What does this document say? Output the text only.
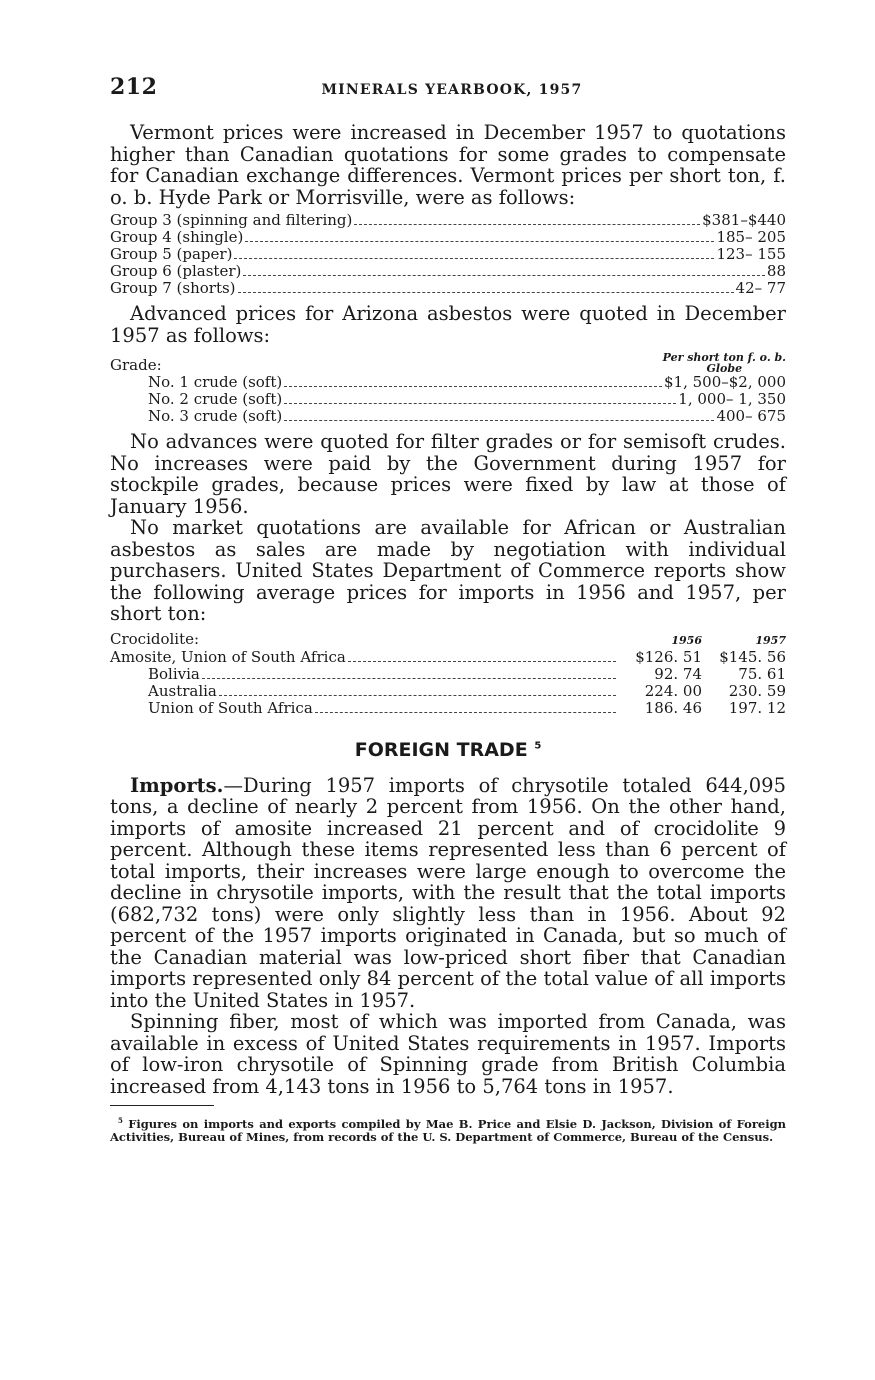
212	MINERALS YEARBOOK, 1957

Vermont prices were increased in December 1957 to quotations higher than Canadian quotations for some grades to compensate for Canadian exchange differences. Vermont prices per short ton, f. o. b. Hyde Park or Morrisville, were as follows:

Group 3 (spinning and filtering)	$381–$440
Group 4 (shingle)	185– 205
Group 5 (paper)	123– 155
Group 6 (plaster)	88
Group 7 (shorts)	42– 77

Advanced prices for Arizona asbestos were quoted in December 1957 as follows:

Grade:	Per short ton f. o. b.
Globe
No. 1 crude (soft)	$1, 500–$2, 000
No. 2 crude (soft)	1, 000– 1, 350
No. 3 crude (soft)	400– 675

No advances were quoted for filter grades or for semisoft crudes. No increases were paid by the Government during 1957 for stockpile grades, because prices were fixed by law at those of January 1956.

No market quotations are available for African or Australian asbestos as sales are made by negotiation with individual purchasers. United States Department of Commerce reports show the following average prices for imports in 1956 and 1957, per short ton:

Crocidolite:	1956	1957
Amosite, Union of South Africa	$126. 51	$145. 56
Bolivia	92. 74	75. 61
Australia	224. 00	230. 59
Union of South Africa	186. 46	197. 12
FOREIGN TRADE $^5$

Imports.—During 1957 imports of chrysotile totaled 644,095 tons, a decline of nearly 2 percent from 1956. On the other hand, imports of amosite increased 21 percent and of crocidolite 9 percent. Although these items represented less than 6 percent of total imports, their increases were large enough to overcome the decline in chrysotile imports, with the result that the total imports (682,732 tons) were only slightly less than in 1956. About 92 percent of the 1957 imports originated in Canada, but so much of the Canadian material was low-priced short fiber that Canadian imports represented only 84 percent of the total value of all imports into the United States in 1957.

Spinning fiber, most of which was imported from Canada, was available in excess of United States requirements in 1957. Imports of low-iron chrysotile of Spinning grade from British Columbia increased from 4,143 tons in 1956 to 5,764 tons in 1957.

$^5$ Figures on imports and exports compiled by Mae B. Price and Elsie D. Jackson, Division of Foreign Activities, Bureau of Mines, from records of the U. S. Department of Commerce, Bureau of the Census.
